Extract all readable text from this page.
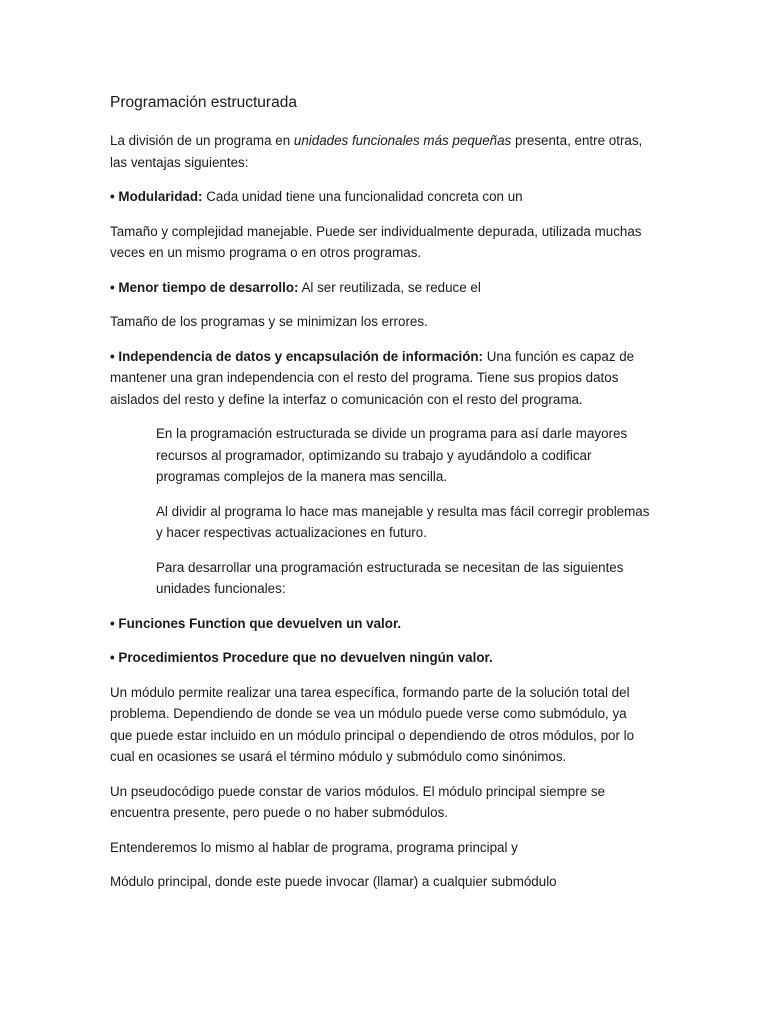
Programación estructurada

La división de un programa en unidades funcionales más pequeñas presenta, entre otras, las ventajas siguientes:

• Modularidad: Cada unidad tiene una funcionalidad concreta con un

Tamaño y complejidad manejable. Puede ser individualmente depurada, utilizada muchas veces en un mismo programa o en otros programas.

• Menor tiempo de desarrollo: Al ser reutilizada, se reduce el

Tamaño de los programas y se minimizan los errores.

• Independencia de datos y encapsulación de información: Una función es capaz de mantener una gran independencia con el resto del programa. Tiene sus propios datos aislados del resto y define la interfaz o comunicación con el resto del programa.

En la programación estructurada se divide un programa para así darle mayores recursos al programador, optimizando su trabajo y ayudándolo a codificar programas complejos de la manera mas sencilla.

Al dividir al programa lo hace mas manejable y resulta mas fácil corregir problemas y hacer respectivas actualizaciones en futuro.

Para desarrollar una programación estructurada se necesitan de las siguientes unidades funcionales:

• Funciones Function que devuelven un valor.

• Procedimientos Procedure que no devuelven ningún valor.

Un módulo permite realizar una tarea específica, formando parte de la solución total del problema. Dependiendo de donde se vea un módulo puede verse como submódulo, ya que puede estar incluido en un módulo principal o dependiendo de otros módulos, por lo cual en ocasiones se usará el término módulo y submódulo como sinónimos.

Un pseudocódigo puede constar de varios módulos. El módulo principal siempre se encuentra presente, pero puede o no haber submódulos.

Entenderemos lo mismo al hablar de programa, programa principal y

Módulo principal, donde este puede invocar (llamar) a cualquier submódulo
